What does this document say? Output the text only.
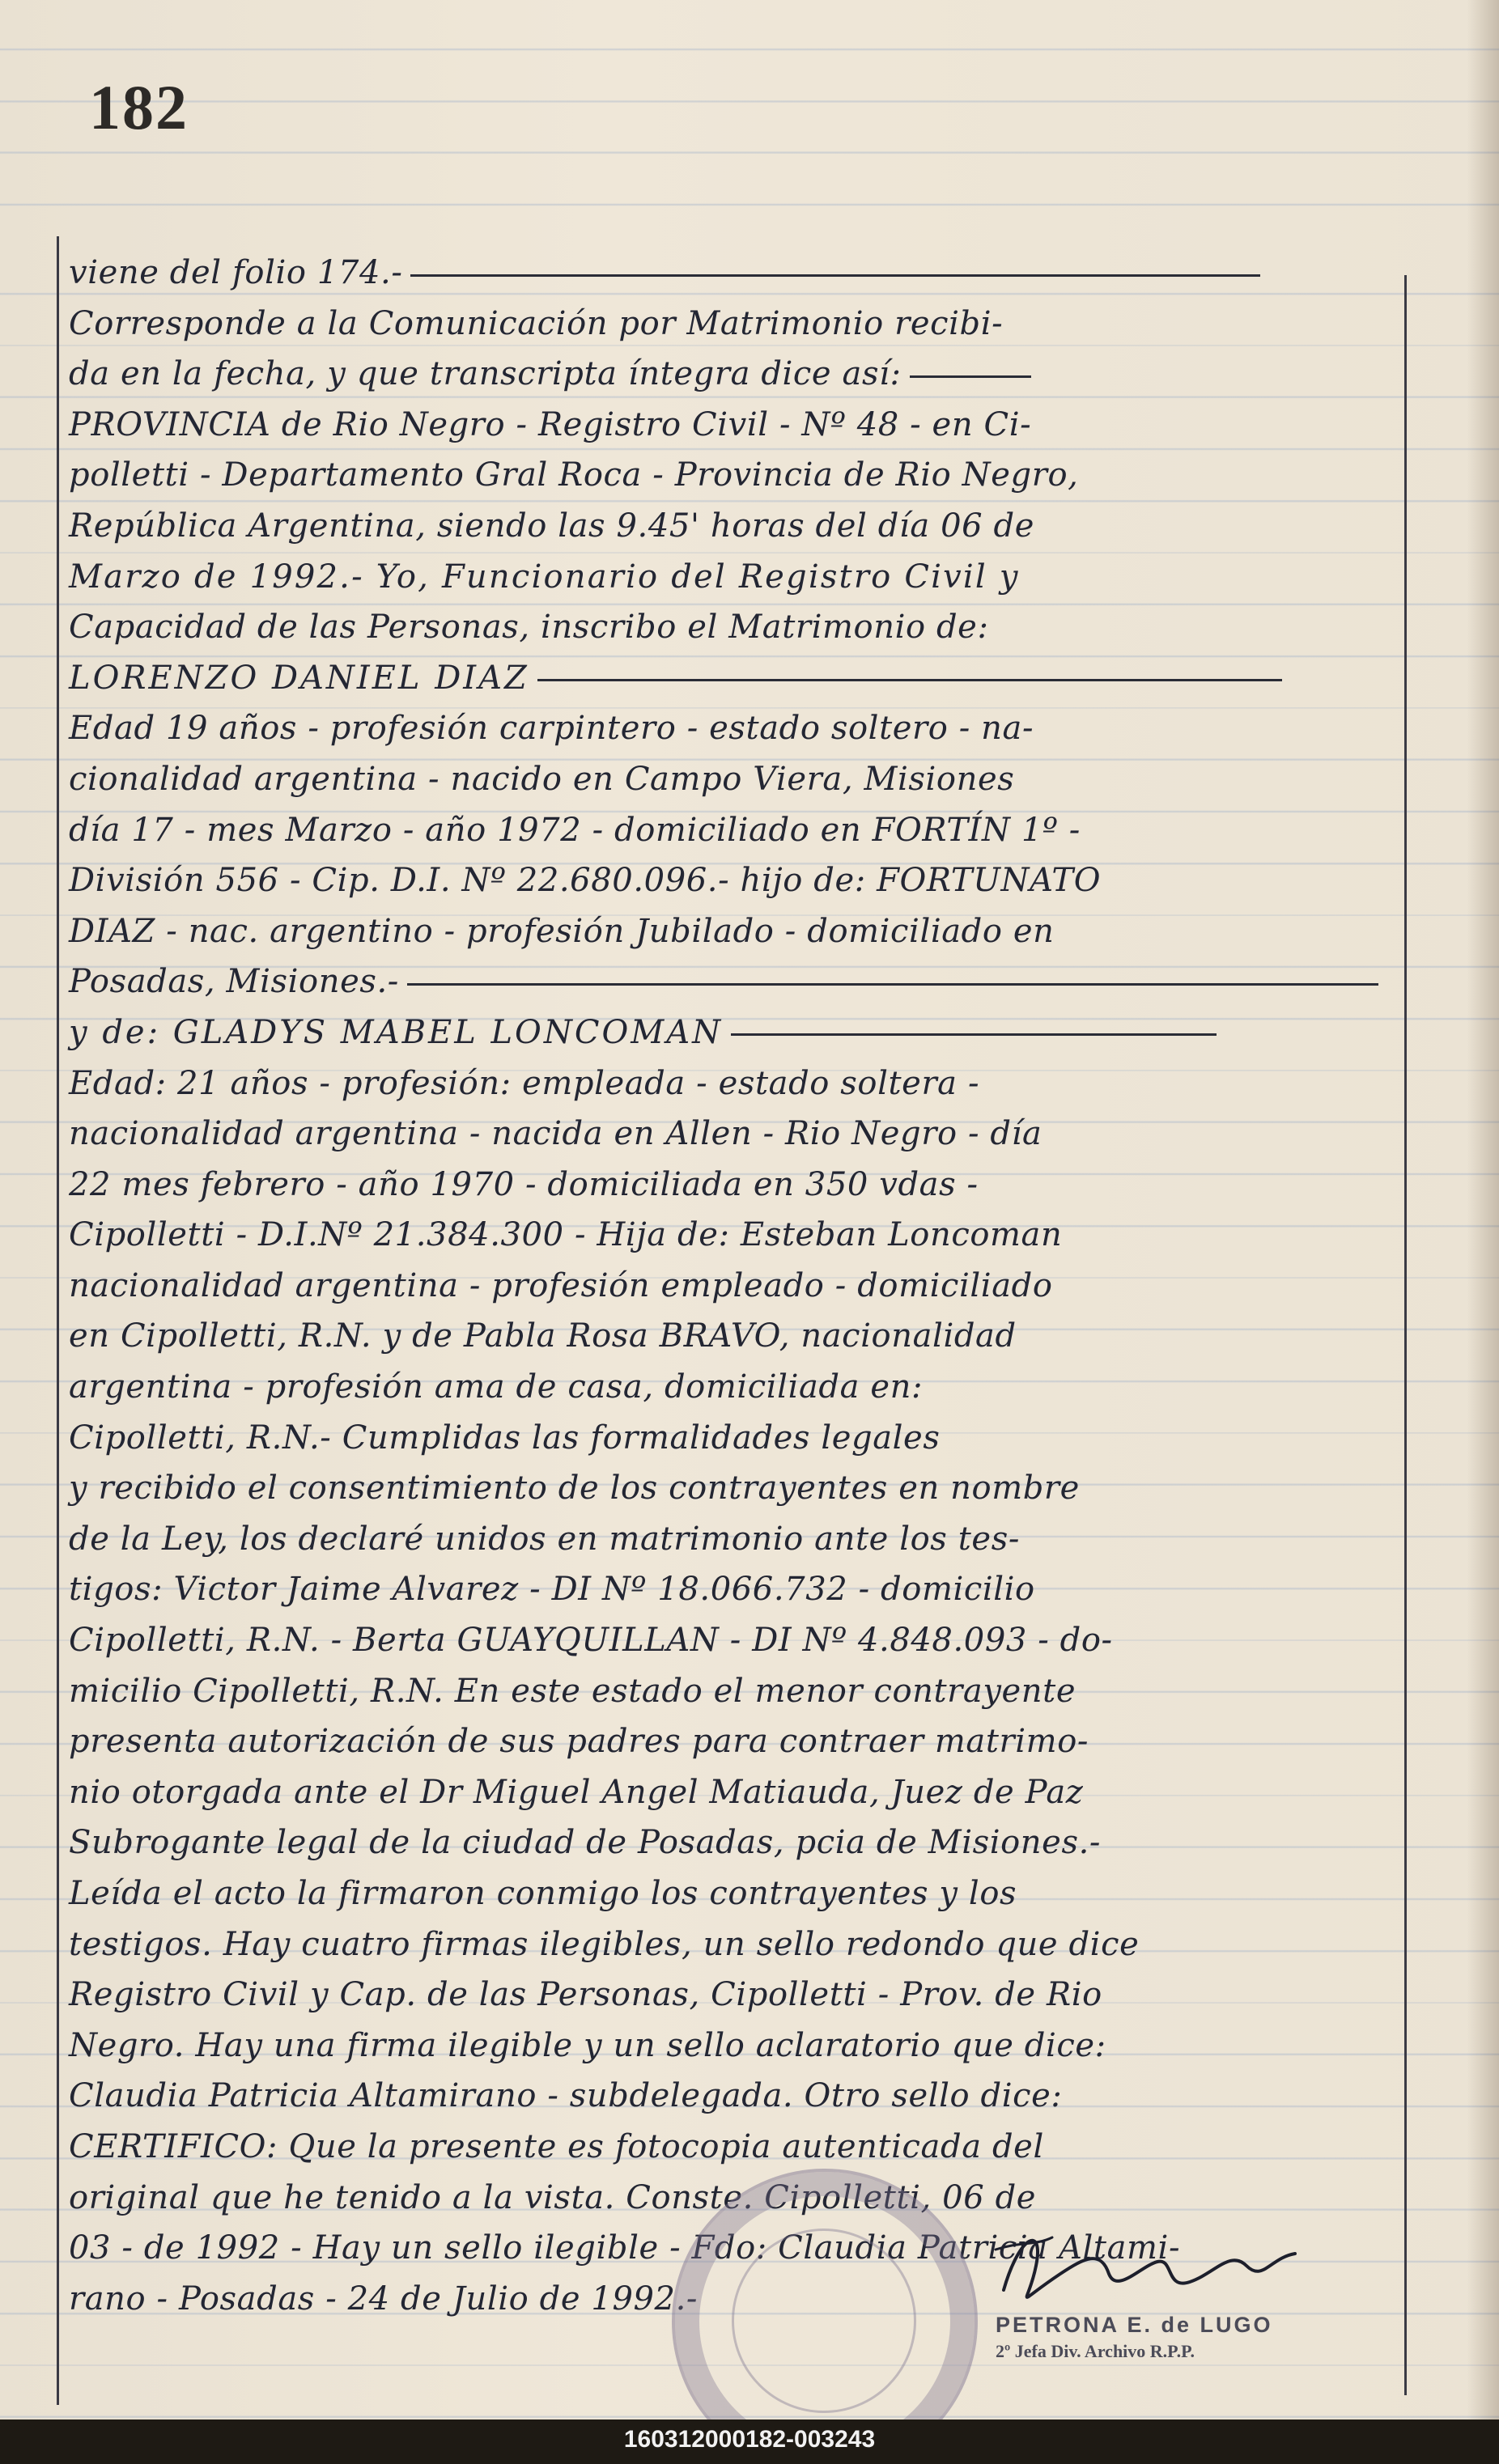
182
viene del folio 174.-
Corresponde a la Comunicación por Matrimonio recibi-
da en la fecha, y que transcripta íntegra dice así:
PROVINCIA de Rio Negro - Registro Civil - Nº 48 - en Ci-
polletti - Departamento Gral Roca - Provincia de Rio Negro,
República Argentina, siendo las 9.45' horas del día 06 de
Marzo de 1992.- Yo, Funcionario del Registro Civil y
Capacidad de las Personas, inscribo el Matrimonio de:
LORENZO DANIEL DIAZ
Edad 19 años - profesión carpintero - estado soltero - na-
cionalidad argentina - nacido en Campo Viera, Misiones
día 17 - mes Marzo - año 1972 - domiciliado en FORTÍN 1º -
División 556 - Cip. D.I. Nº 22.680.096.- hijo de: FORTUNATO
DIAZ - nac. argentino - profesión Jubilado - domiciliado en
Posadas, Misiones.-
y de: GLADYS MABEL LONCOMAN
Edad: 21 años - profesión: empleada - estado soltera -
nacionalidad argentina - nacida en Allen - Rio Negro - día
22 mes febrero - año 1970 - domiciliada en 350 vdas -
Cipolletti - D.I.Nº 21.384.300 - Hija de: Esteban Loncoman
nacionalidad argentina - profesión empleado - domiciliado
en Cipolletti, R.N. y de Pabla Rosa BRAVO, nacionalidad
argentina - profesión ama de casa, domiciliada en:
Cipolletti, R.N.- Cumplidas las formalidades legales
y recibido el consentimiento de los contrayentes en nombre
de la Ley, los declaré unidos en matrimonio ante los tes-
tigos: Victor Jaime Alvarez - DI Nº 18.066.732 - domicilio
Cipolletti, R.N. - Berta GUAYQUILLAN - DI Nº 4.848.093 - do-
micilio Cipolletti, R.N. En este estado el menor contrayente
presenta autorización de sus padres para contraer matrimo-
nio otorgada ante el Dr Miguel Angel Matiauda, Juez de Paz
Subrogante legal de la ciudad de Posadas, pcia de Misiones.-
Leída el acto la firmaron conmigo los contrayentes y los
testigos. Hay cuatro firmas ilegibles, un sello redondo que dice
Registro Civil y Cap. de las Personas, Cipolletti - Prov. de Rio
Negro. Hay una firma ilegible y un sello aclaratorio que dice:
Claudia Patricia Altamirano - subdelegada. Otro sello dice:
CERTIFICO: Que la presente es fotocopia autenticada del
original que he tenido a la vista. Conste. Cipolletti, 06 de
03 - de 1992 - Hay un sello ilegible - Fdo: Claudia Patricia Altami-
rano - Posadas - 24 de Julio de 1992.-
PETRONA E. de LUGO
2º Jefa Div. Archivo R.P.P.
160312000182-003243
